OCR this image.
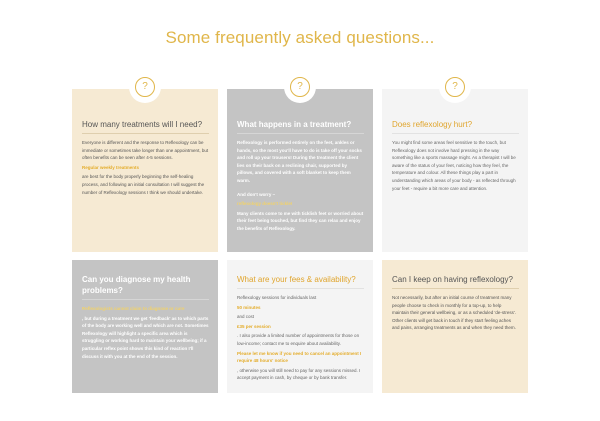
Some frequently asked questions...
How many treatments will I need?
Everyone is different and the response to Reflexology can be immediate or sometimes take longer than one appointment, but often benefits can be seen after 4-5 sessions.
Regular weekly treatments
are best for the body properly beginning the self-healing process, and following an initial consultation I will suggest the number of Reflexology sessions I think we should undertake.
What happens in a treatment?
Reflexology is performed entirely on the feet, ankles or hands, so the most you'll have to do is take off your socks and roll up your trousers! During the treatment the client lies on their back on a reclining chair, supported by pillows, and covered with a soft blanket to keep them warm.
And don't worry –
reflexology doesn't tickle!
Many clients come to me with ticklish feet or worried about their feet being touched, but find they can relax and enjoy the benefits of Reflexology.
Does reflexology hurt?
You might find some areas feel sensitive to the touch, but Reflexology does not involve hard pressing in the way something like a sports massage might. As a therapist I will be aware of the status of your feet, noticing how they feel, the temperature and colour. All these things play a part in understanding which areas of your body - as reflected through your feet - require a bit more care and attention.
Can you diagnose my health problems?
Reflexologists cannot claim to diagnose or cure
, but during a treatment we get 'feedback' as to which parts of the body are working well and which are not. Sometimes Reflexology will highlight a specific area which is struggling or working hard to maintain your wellbeing; if a particular reflex point shows this kind of reaction I'll discuss it with you at the end of the session.
What are your fees & availability?
Reflexology sessions for individuals last
50 minutes
and cost
£35 per session
. I also provide a limited number of appointments for those on low-income; contact me to enquire about availability.
Please let me know if you need to cancel an appointment I require 48 hours' notice
, otherwise you will still need to pay for any sessions missed. I accept payment in cash, by cheque or by bank transfer.
Can I keep on having reflexology?
Not necessarily, but after an initial course of treatment many people choose to check in monthly for a top-up, to help maintain their general wellbeing, or as a scheduled 'de-stress'. Other clients will get back in touch if they start feeling aches and pains, arranging treatments as and when they need them.
?	?	?
